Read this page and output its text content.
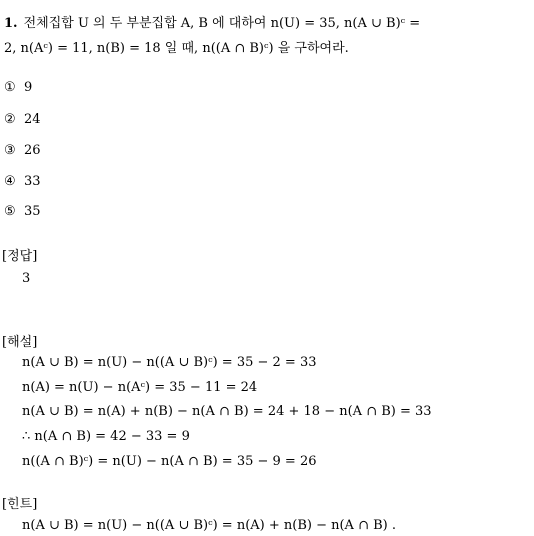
1. 전체집합 U 의 두 부분집합 A, B 에 대하여 n(U) = 35, n(A ∪ B)ᶜ =
2, n(Aᶜ) = 11, n(B) = 18 일 때, n((A ∩ B)ᶜ) 을 구하여라.
① 9
② 24
③ 26
④ 33
⑤ 35
[정답]
3
[해설]
n(A ∪ B) = n(U) − n((A ∪ B)ᶜ) = 35 − 2 = 33
n(A) = n(U) − n(Aᶜ) = 35 − 11 = 24
n(A ∪ B) = n(A) + n(B) − n(A ∩ B) = 24 + 18 − n(A ∩ B) = 33
∴ n(A ∩ B) = 42 − 33 = 9
n((A ∩ B)ᶜ) = n(U) − n(A ∩ B) = 35 − 9 = 26
[힌트]
n(A ∪ B) = n(U) − n((A ∪ B)ᶜ) = n(A) + n(B) − n(A ∩ B) .
